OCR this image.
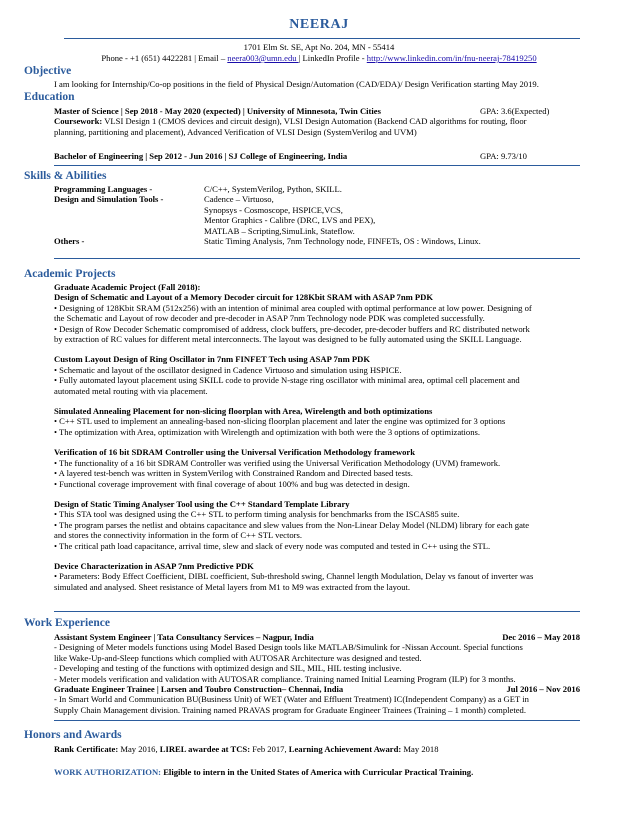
NEERAJ
1701 Elm St. SE, Apt No. 204, MN - 55414
Phone - +1 (651) 4422281 | Email – neera003@umn.edu | LinkedIn Profile - http://www.linkedin.com/in/fnu-neeraj-78419250
Objective
I am looking for Internship/Co-op positions in the field of Physical Design/Automation (CAD/EDA)/ Design Verification starting May 2019.
Education
Master of Science | Sep 2018 - May 2020 (expected) | University of Minnesota, Twin Cities	GPA: 3.6(Expected)
Coursework: VLSI Design 1 (CMOS devices and circuit design), VLSI Design Automation (Backend CAD algorithms for routing, floor
planning, partitioning and placement), Advanced Verification of VLSI Design (SystemVerilog and UVM)
Bachelor of Engineering | Sep 2012 - Jun 2016 | SJ College of Engineering, India	GPA: 9.73/10
Skills & Abilities
Programming Languages -	C/C++, SystemVerilog, Python, SKILL.
Design and Simulation Tools -	Cadence – Virtuoso,
Synopsys - Cosmoscope, HSPICE,VCS,
Mentor Graphics - Calibre (DRC, LVS and PEX),
MATLAB – Scripting,SimuLink, Stateflow.
Others -	Static Timing Analysis, 7nm Technology node, FINFETs, OS : Windows, Linux.
Academic Projects
Graduate Academic Project (Fall 2018):
Design of Schematic and Layout of a Memory Decoder circuit for 128Kbit SRAM with ASAP 7nm PDK
• Designing of 128Kbit SRAM (512x256) with an intention of minimal area coupled with optimal performance at low power. Designing of
the Schematic and Layout of row decoder and pre-decoder in ASAP 7nm Technology node PDK was completed successfully.
• Design of Row Decoder Schematic compromised of address, clock buffers, pre-decoder, pre-decoder buffers and RC distributed network
by extraction of RC values for different metal interconnects. The layout was designed to be fully automated using the SKILL Language.
Custom Layout Design of Ring Oscillator in 7nm FINFET Tech using ASAP 7nm PDK
• Schematic and layout of the oscillator designed in Cadence Virtuoso and simulation using HSPICE.
• Fully automated layout placement using SKILL code to provide N-stage ring oscillator with minimal area, optimal cell placement and
automated metal routing with via placement.
Simulated Annealing Placement for non-slicing floorplan with Area, Wirelength and both optimizations
• C++ STL used to implement an annealing-based non-slicing floorplan placement and later the engine was optimized for 3 options
• The optimization with Area, optimization with Wirelength and optimization with both were the 3 options of optimizations.
Verification of 16 bit SDRAM Controller using the Universal Verification Methodology framework
• The functionality of a 16 bit SDRAM Controller was verified using the Universal Verification Methodology (UVM) framework.
• A layered test-bench was written in SystemVerilog with Constrained Random and Directed based tests.
• Functional coverage improvement with final coverage of about 100% and bug was detected in design.
Design of Static Timing Analyser Tool using the C++ Standard Template Library
• This STA tool was designed using the C++ STL to perform timing analysis for benchmarks from the ISCAS85 suite.
• The program parses the netlist and obtains capacitance and slew values from the Non-Linear Delay Model (NLDM) library for each gate
and stores the connectivity information in the form of C++ STL vectors.
• The critical path load capacitance, arrival time, slew and slack of every node was computed and tested in C++ using the STL.
Device Characterization in ASAP 7nm Predictive PDK
• Parameters: Body Effect Coefficient, DIBL coefficient, Sub-threshold swing, Channel length Modulation, Delay vs fanout of inverter was
simulated and analysed. Sheet resistance of Metal layers from M1 to M9 was extracted from the layout.
Work Experience
Assistant System Engineer | Tata Consultancy Services – Nagpur, India	Dec 2016 – May 2018
- Designing of Meter models functions using Model Based Design tools like MATLAB/Simulink for -Nissan Account. Special functions
like Wake-Up-and-Sleep functions which complied with AUTOSAR Architecture was designed and tested.
- Developing and testing of the functions with optimized design and SIL, MIL, HIL testing inclusive.
- Meter models verification and validation with AUTOSAR compliance. Training named Initial Learning Program (ILP) for 3 months.
Graduate Engineer Trainee | Larsen and Toubro Construction– Chennai, India	Jul 2016 – Nov 2016
- In Smart World and Communication BU(Business Unit) of WET (Water and Effluent Treatment) IC(Independent Company) as a GET in
Supply Chain Management division. Training named PRAVAS program for Graduate Engineer Trainees (Training – 1 month) completed.
Honors and Awards
Rank Certificate: May 2016, LIREL awardee at TCS: Feb 2017, Learning Achievement Award: May 2018
WORK AUTHORIZATION: Eligible to intern in the United States of America with Curricular Practical Training.
